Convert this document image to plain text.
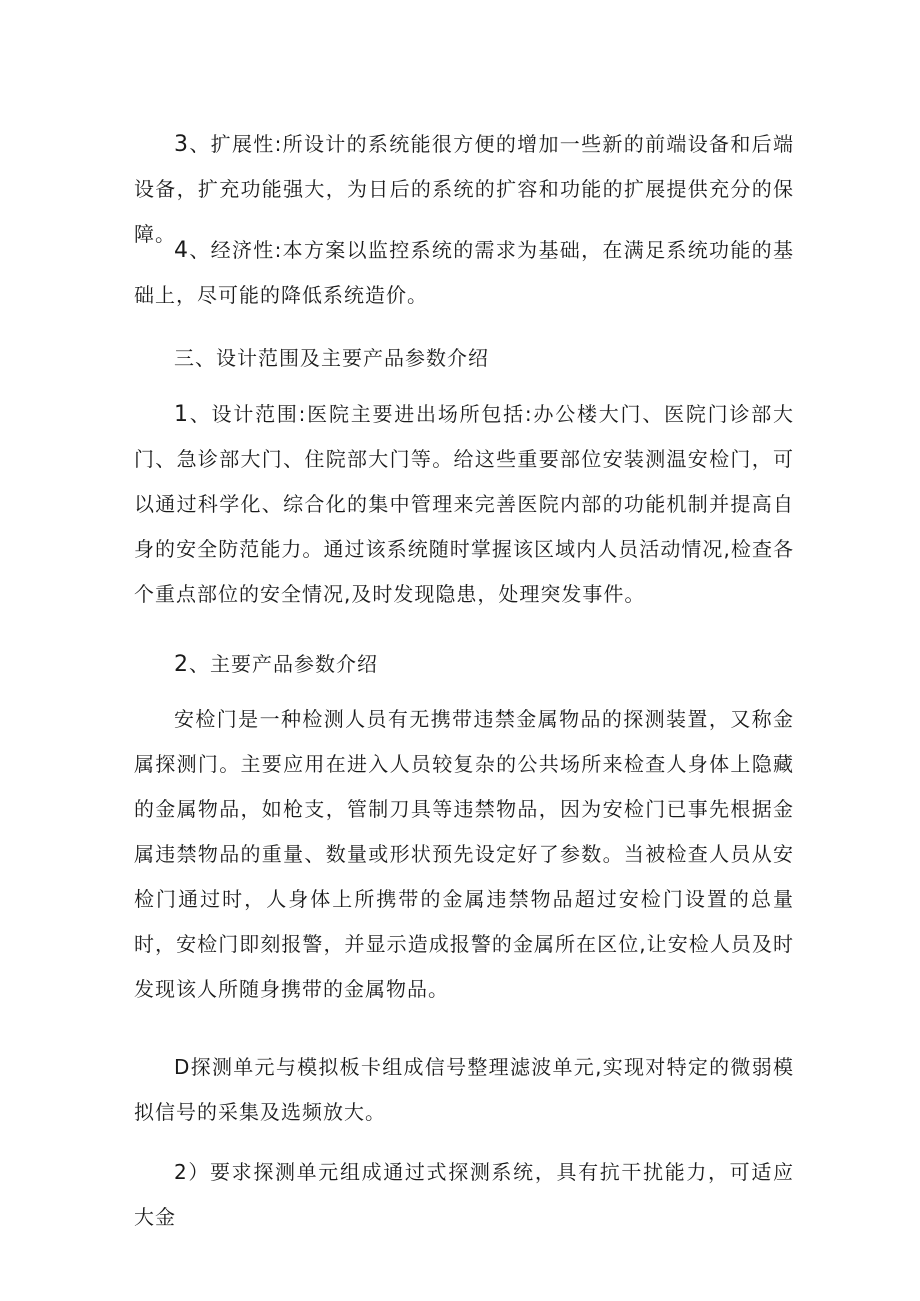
3、扩展性:所设计的系统能很方便的增加一些新的前端设备和后端设备，扩充功能强大，为日后的系统的扩容和功能的扩展提供充分的保障。

4、经济性:本方案以监控系统的需求为基础，在满足系统功能的基础上，尽可能的降低系统造价。

三、设计范围及主要产品参数介绍

1、设计范围:医院主要进出场所包括:办公楼大门、医院门诊部大门、急诊部大门、住院部大门等。给这些重要部位安装测温安检门，可以通过科学化、综合化的集中管理来完善医院内部的功能机制并提高自身的安全防范能力。通过该系统随时掌握该区域内人员活动情况,检查各个重点部位的安全情况,及时发现隐患，处理突发事件。

2、主要产品参数介绍

安检门是一种检测人员有无携带违禁金属物品的探测装置，又称金属探测门。主要应用在进入人员较复杂的公共场所来检查人身体上隐藏的金属物品，如枪支，管制刀具等违禁物品，因为安检门已事先根据金属违禁物品的重量、数量或形状预先设定好了参数。当被检查人员从安检门通过时，人身体上所携带的金属违禁物品超过安检门设置的总量时，安检门即刻报警，并显示造成报警的金属所在区位,让安检人员及时发现该人所随身携带的金属物品。

D探测单元与模拟板卡组成信号整理滤波单元,实现对特定的微弱模拟信号的采集及选频放大。

2）要求探测单元组成通过式探测系统，具有抗干扰能力，可适应大金
